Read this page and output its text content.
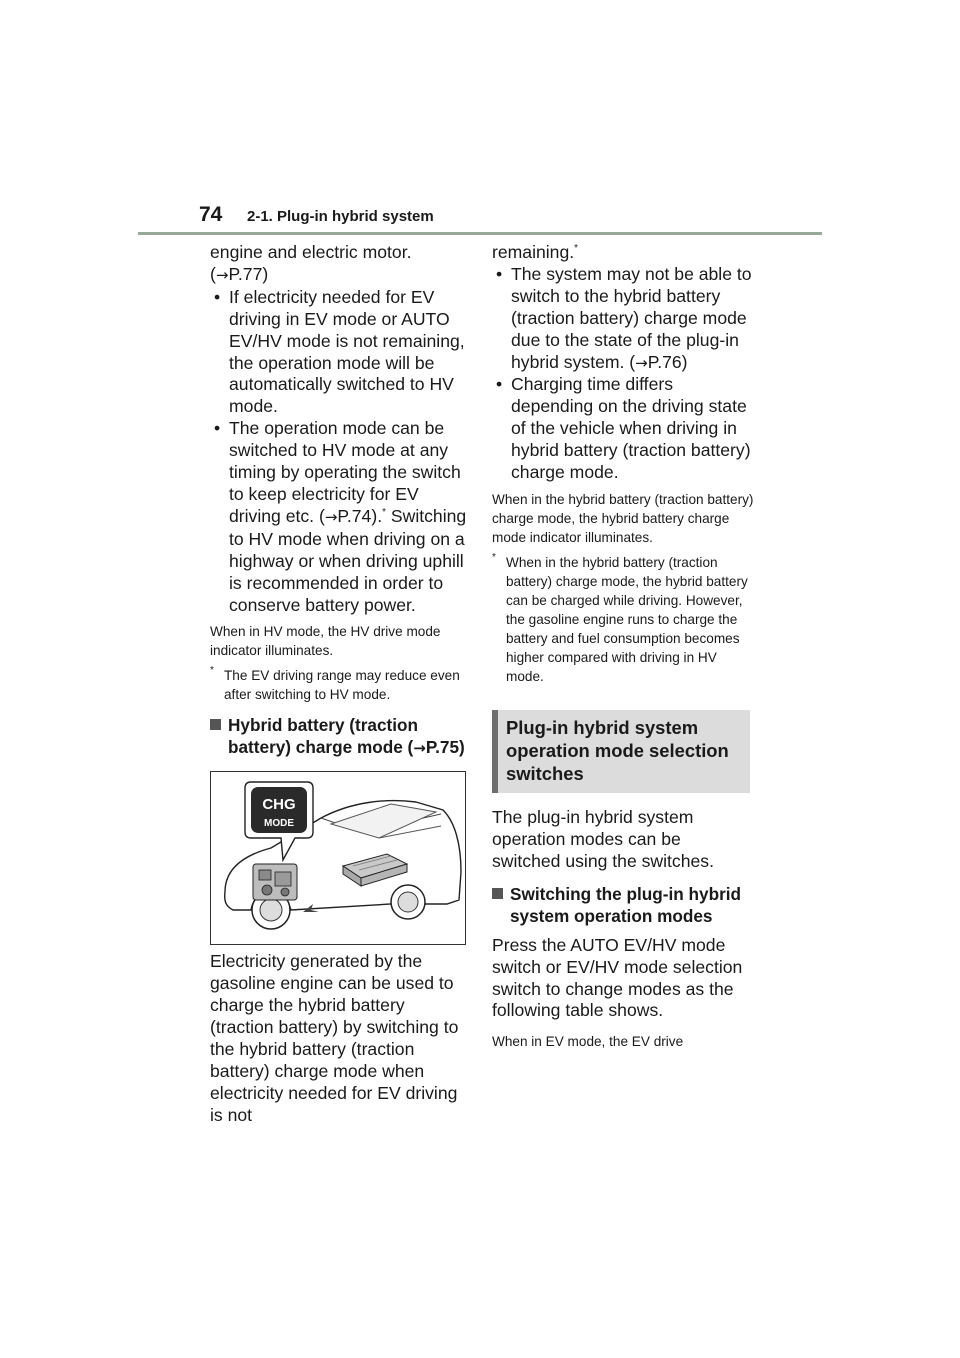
74 2-1. Plug-in hybrid system

engine and electric motor.

(→P.77)

• If electricity needed for EV driving in EV mode or AUTO EV/HV mode is not remaining, the operation mode will be automatically switched to HV mode.

• The operation mode can be switched to HV mode at any timing by operating the switch to keep electricity for EV driving etc. (→P.74).* Switching to HV mode when driving on a highway or when driving uphill is recommended in order to conserve battery power.

When in HV mode, the HV drive mode indicator illuminates.

* The EV driving range may reduce even after switching to HV mode.

Hybrid battery (traction battery) charge mode (→P.75)

CHG
MODE

Electricity generated by the gasoline engine can be used to charge the hybrid battery (traction battery) by switching to the hybrid battery (traction battery) charge mode when electricity needed for EV driving is not

remaining.*

• The system may not be able to switch to the hybrid battery (traction battery) charge mode due to the state of the plug-in hybrid system. (→P.76)

• Charging time differs depending on the driving state of the vehicle when driving in hybrid battery (traction battery) charge mode.

When in the hybrid battery (traction battery) charge mode, the hybrid battery charge mode indicator illuminates.

* When in the hybrid battery (traction battery) charge mode, the hybrid battery can be charged while driving. However, the gasoline engine runs to charge the battery and fuel consumption becomes higher compared with driving in HV mode.

Plug-in hybrid system operation mode selection switches

The plug-in hybrid system operation modes can be switched using the switches.

Switching the plug-in hybrid system operation modes

Press the AUTO EV/HV mode switch or EV/HV mode selection switch to change modes as the following table shows.

When in EV mode, the EV drive
